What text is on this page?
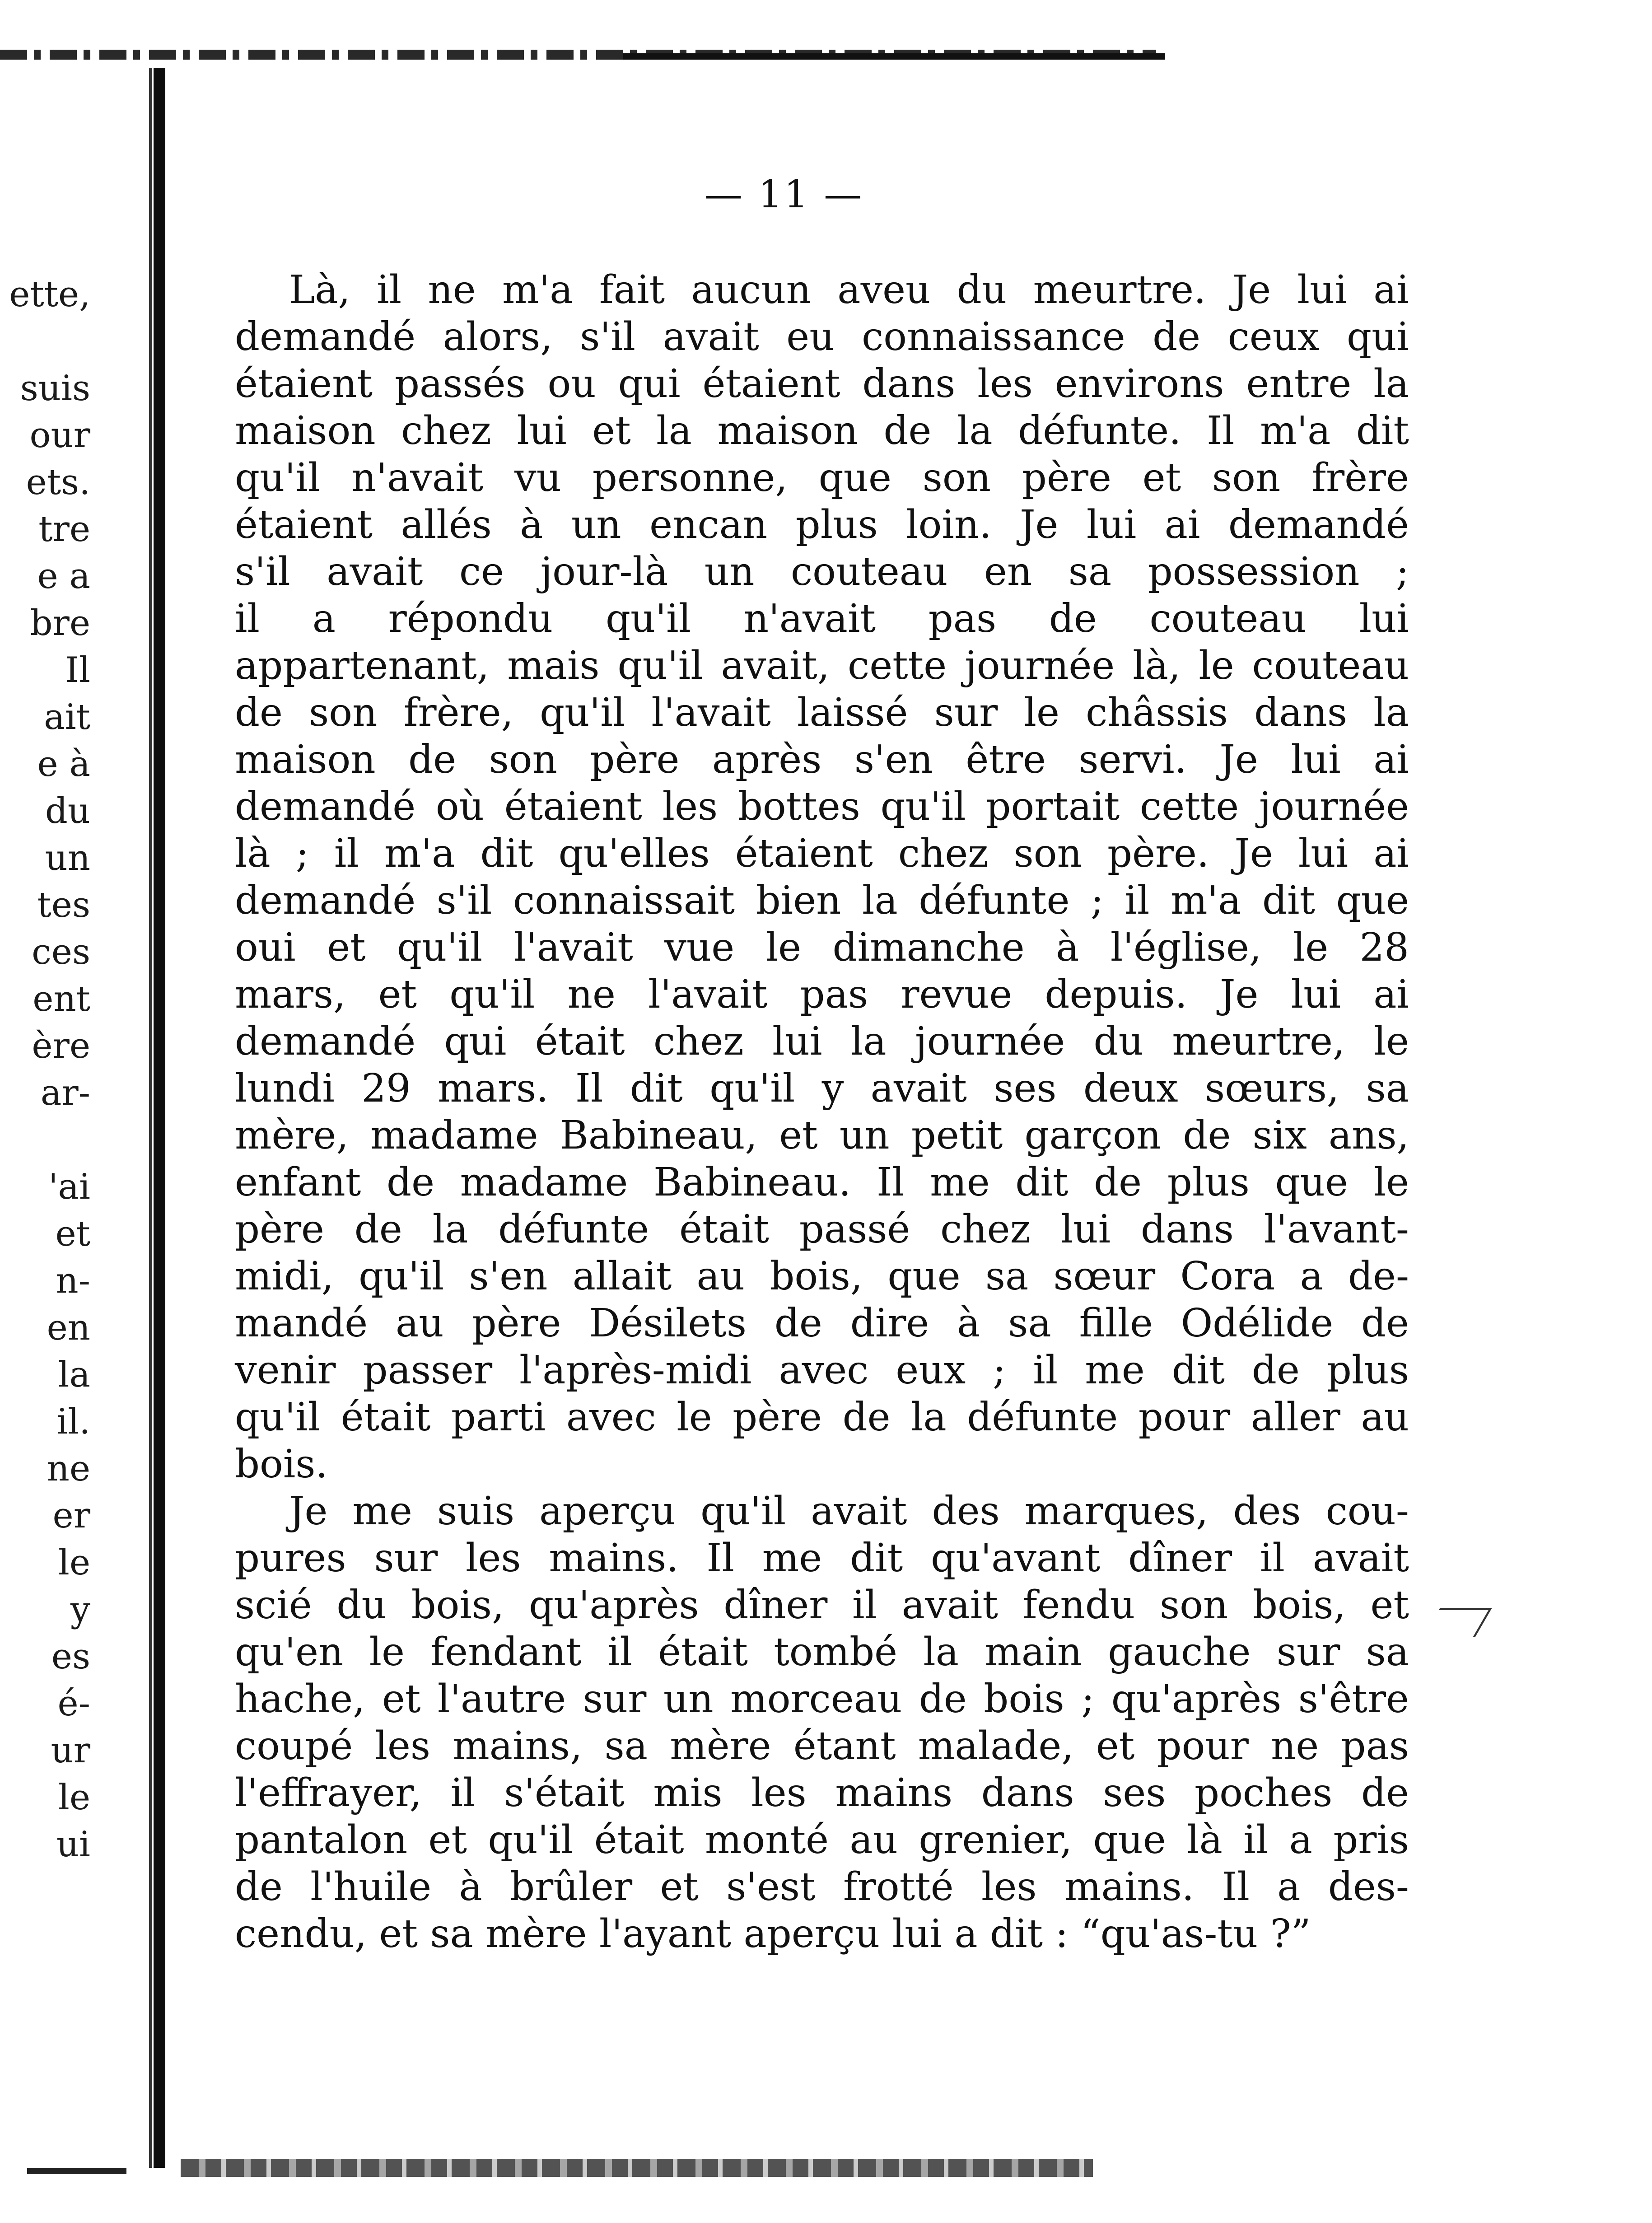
ette,
suis
our
ets.
tre
e a
bre
Il
ait
e à
du
un
tes
ces
ent
ère
ar-
'ai
et
n-
en
la
il.
ne
er
le
y
es
é-
ur
le
ui
— 11 —
Là, il ne m'a fait aucun aveu du meurtre. Je lui ai
demandé alors, s'il avait eu connaissance de ceux qui
étaient passés ou qui étaient dans les environs entre la
maison chez lui et la maison de la défunte. Il m'a dit
qu'il n'avait vu personne, que son père et son frère
étaient allés à un encan plus loin. Je lui ai demandé
s'il avait ce jour-là un couteau en sa possession ;
il a répondu qu'il n'avait pas de couteau lui
appartenant, mais qu'il avait, cette journée là, le couteau
de son frère, qu'il l'avait laissé sur le châssis dans la
maison de son père après s'en être servi. Je lui ai
demandé où étaient les bottes qu'il portait cette journée
là ; il m'a dit qu'elles étaient chez son père. Je lui ai
demandé s'il connaissait bien la défunte ; il m'a dit que
oui et qu'il l'avait vue le dimanche à l'église, le 28
mars, et qu'il ne l'avait pas revue depuis. Je lui ai
demandé qui était chez lui la journée du meurtre, le
lundi 29 mars. Il dit qu'il y avait ses deux sœurs, sa
mère, madame Babineau, et un petit garçon de six ans,
enfant de madame Babineau. Il me dit de plus que le
père de la défunte était passé chez lui dans l'avant-
midi, qu'il s'en allait au bois, que sa sœur Cora a de-
mandé au père Désilets de dire à sa fille Odélide de
venir passer l'après-midi avec eux ; il me dit de plus
qu'il était parti avec le père de la défunte pour aller au
bois.
Je me suis aperçu qu'il avait des marques, des cou-
pures sur les mains. Il me dit qu'avant dîner il avait
scié du bois, qu'après dîner il avait fendu son bois, et
qu'en le fendant il était tombé la main gauche sur sa
hache, et l'autre sur un morceau de bois ; qu'après s'être
coupé les mains, sa mère étant malade, et pour ne pas
l'effrayer, il s'était mis les mains dans ses poches de
pantalon et qu'il était monté au grenier, que là il a pris
de l'huile à brûler et s'est frotté les mains. Il a des-
cendu, et sa mère l'ayant aperçu lui a dit : “qu'as-tu ?”
